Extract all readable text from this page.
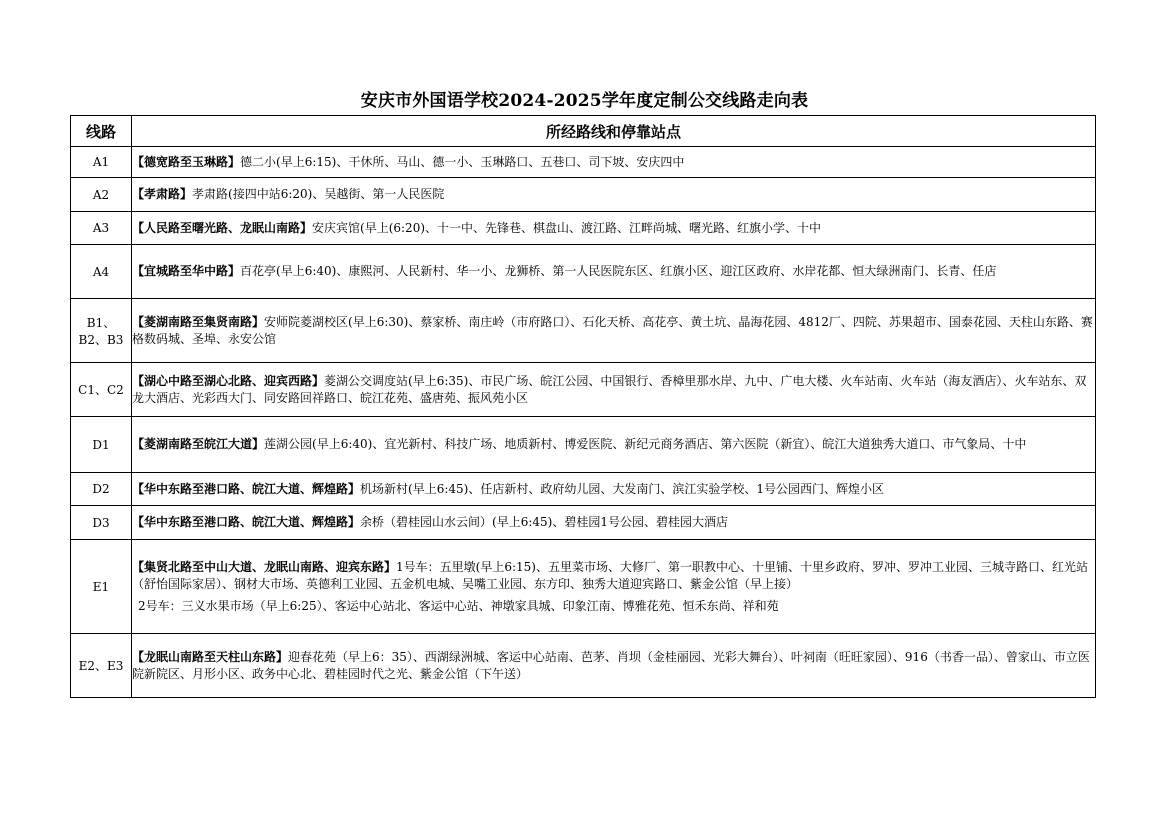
安庆市外国语学校2024-2025学年度定制公交线路走向表
线路	所经路线和停靠站点
A1	【德宽路至玉琳路】德二小(早上6:15)、干休所、马山、德一小、玉琳路口、五巷口、司下坡、安庆四中
A2	【孝肃路】孝肃路(接四中站6:20)、吴越街、第一人民医院
A3	【人民路至曙光路、龙眠山南路】安庆宾馆(早上(6:20)、十一中、先锋巷、棋盘山、渡江路、江畔尚城、曙光路、红旗小学、十中
A4	【宜城路至华中路】百花亭(早上6:40)、康熙河、人民新村、华一小、龙狮桥、第一人民医院东区、红旗小区、迎江区政府、水岸花都、恒大绿洲南门、长青、任店
B1、B2、B3	【菱湖南路至集贤南路】安师院菱湖校区(早上6:30)、蔡家桥、南庄岭（市府路口）、石化天桥、高花亭、黄土坑、晶海花园、4812厂、四院、苏果超市、国泰花园、天柱山东路、赛格数码城、圣埠、永安公馆
C1、C2	【湖心中路至湖心北路、迎宾西路】菱湖公交调度站(早上6:35)、市民广场、皖江公园、中国银行、香樟里那水岸、九中、广电大楼、火车站南、火车站（海友酒店）、火车站东、双龙大酒店、光彩西大门、同安路回祥路口、皖江花苑、盛唐苑、振风苑小区
D1	【菱湖南路至皖江大道】莲湖公园(早上6:40)、宜光新村、科技广场、地质新村、博爱医院、新纪元商务酒店、第六医院（新宜）、皖江大道独秀大道口、市气象局、十中
D2	【华中东路至港口路、皖江大道、辉煌路】机场新村(早上6:45)、任店新村、政府幼儿园、大发南门、滨江实验学校、1号公园西门、辉煌小区
D3	【华中东路至港口路、皖江大道、辉煌路】余桥（碧桂园山水云间）(早上6:45)、碧桂园1号公园、碧桂园大酒店
E1	【集贤北路至中山大道、龙眠山南路、迎宾东路】1号车：五里墩(早上6:15)、五里菜市场、大修厂、第一职教中心、十里铺、十里乡政府、罗冲、罗冲工业园、三城寺路口、红光站（舒怡国际家居）、钢材大市场、英德利工业园、五金机电城、吴嘴工业园、东方印、独秀大道迎宾路口、紫金公馆（早上接）
2号车：三义水果市场（早上6:25）、客运中心站北、客运中心站、神墩家具城、印象江南、博雅花苑、恒禾东尚、祥和苑

E2、E3	【龙眠山南路至天柱山东路】迎春花苑（早上6：35）、西湖绿洲城、客运中心站南、芭茅、肖坝（金桂丽园、光彩大舞台）、叶祠南（旺旺家园）、916（书香一品）、曾家山、市立医院新院区、月形小区、政务中心北、碧桂园时代之光、紫金公馆（下午送）
